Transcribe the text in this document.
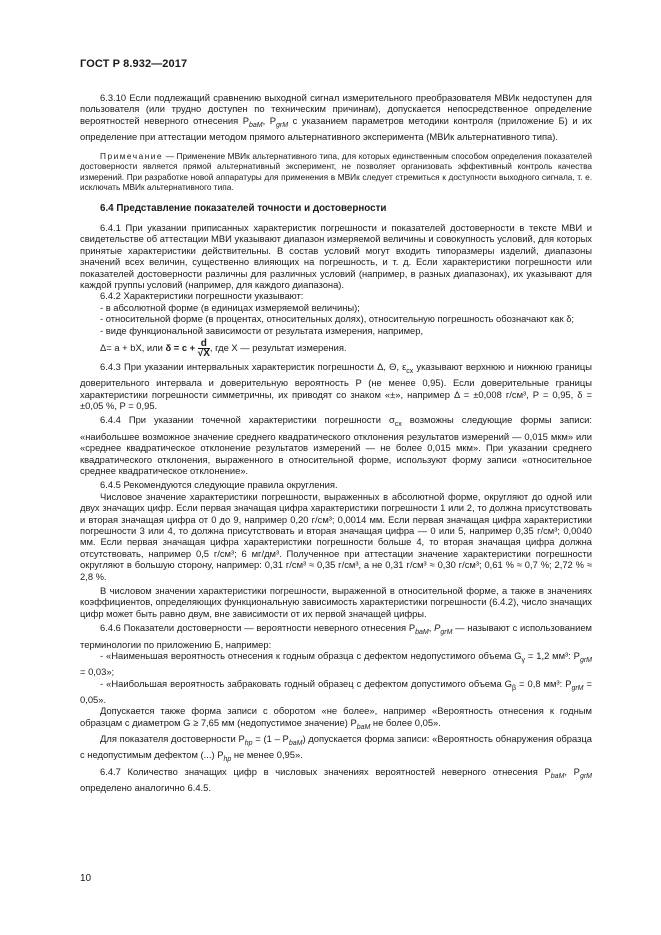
ГОСТ Р 8.932—2017

6.3.10 Если подлежащий сравнению выходной сигнал измерительного преобразователя МВИк недоступен для пользователя (или трудно доступен по техническим причинам), допускается непосредственное определение вероятностей неверного отнесения $P_{baM}$, $P_{grM}$ с указанием параметров методики контроля (приложение Б) и их определение при аттестации методом прямого альтернативного эксперимента (МВИк альтернативного типа).

Примечание — Применение МВИк альтернативного типа, для которых единственным способом определения показателей достоверности является прямой альтернативный эксперимент, не позволяет организовать эффективный контроль качества измерений. При разработке новой аппаратуры для применения в МВИк следует стремиться к доступности выходного сигнала, т. е. исключать МВИк альтернативного типа.

6.4 Представление показателей точности и достоверности

6.4.1 При указании приписанных характеристик погрешности и показателей достоверности в тексте МВИ и свидетельстве об аттестации МВИ указывают диапазон измеряемой величины и совокупность условий, для которых принятые характеристики действительны. В состав условий могут входить типоразмеры изделий, диапазоны значений всех величин, существенно влияющих на погрешность, и т. д. Если характеристики погрешности или показателей достоверности различны для различных условий (например, в разных диапазонах), их указывают для каждой группы условий (например, для каждого диапазона).

6.4.2 Характеристики погрешности указывают:

- в абсолютной форме (в единицах измеряемой величины);

- относительной форме (в процентах, относительных долях), относительную погрешность обозначают как δ;

- виде функциональной зависимости от результата измерения, например,

Δ= a + bX, или $\delta = c + \frac{d}{√X}$ , где X — результат измерения.

6.4.3 При указании интервальных характеристик погрешности Δ, Θ, $\varepsilon_{сх}$ указывают верхнюю и нижнюю границы доверительного интервала и доверительную вероятность P (не менее 0,95). Если доверительные границы характеристики погрешности симметричны, их приводят со знаком «±», например Δ = ±0,008 г/см³, P = 0,95, δ = ±0,05 %, P = 0,95.

6.4.4 При указании точечной характеристики погрешности $\sigma_{сх}$ возможны следующие формы записи: «наибольшее возможное значение среднего квадратического отклонения результатов измерений — 0,015 мкм» или «среднее квадратическое отклонение результатов измерений — не более 0,015 мкм». При указании среднего квадратического отклонения, выраженного в относительной форме, используют форму записи «относительное среднее квадратическое отклонение».

6.4.5 Рекомендуются следующие правила округления.

Числовое значение характеристики погрешности, выраженных в абсолютной форме, округляют до одной или двух значащих цифр. Если первая значащая цифра характеристики погрешности 1 или 2, то должна присутствовать и вторая значащая цифра от 0 до 9, например 0,20 г/см³; 0,0014 мм. Если первая значащая цифра характеристики погрешности 3 или 4, то должна присутствовать и вторая значащая цифра — 0 или 5, например 0,35 г/см³; 0,0040 мм. Если первая значащая цифра характеристики погрешности больше 4, то вторая значащая цифра должна отсутствовать, например 0,5 г/см³; 6 мг/дм³. Полученное при аттестации значение характеристики погрешности округляют в большую сторону, например: 0,31 г/см³ ≈ 0,35 г/см³, а не 0,31 г/см³ ≈ 0,30 г/см³; 0,61 % ≈ 0,7 %; 2,72 % ≈ 2,8 %.

В числовом значении характеристики погрешности, выраженной в относительной форме, а также в значениях коэффициентов, определяющих функциональную зависимость характеристики погрешности (6.4.2), число значащих цифр может быть равно двум, вне зависимости от их первой значащей цифры.

6.4.6 Показатели достоверности — вероятности неверного отнесения $P_{baM}$, $P_{grM}$ — называют с использованием терминологии по приложению Б, например:

- «Наименьшая вероятность отнесения к годным образца с дефектом недопустимого объема $G_\gamma = 1,2$ мм³: $P_{grM} = 0,03$»;

- «Наибольшая вероятность забраковать годный образец с дефектом допустимого объема $G_\beta = 0,8$ мм³: $P_{grM} = 0,05$».

Допускается также форма записи с оборотом «не более», например «Вероятность отнесения к годным образцам с диаметром G ≥ 7,65 мм (недопустимое значение) $P_{baM}$ не более 0,05».

Для показателя достоверности $P_{hp} = (1 - P_{baM})$ допускается форма записи: «Вероятность обнаружения образца с недопустимым дефектом (...) $P_{hp}$ не менее 0,95».

6.4.7 Количество значащих цифр в числовых значениях вероятностей неверного отнесения $P_{baM}$, $P_{grM}$ определено аналогично 6.4.5.

10
